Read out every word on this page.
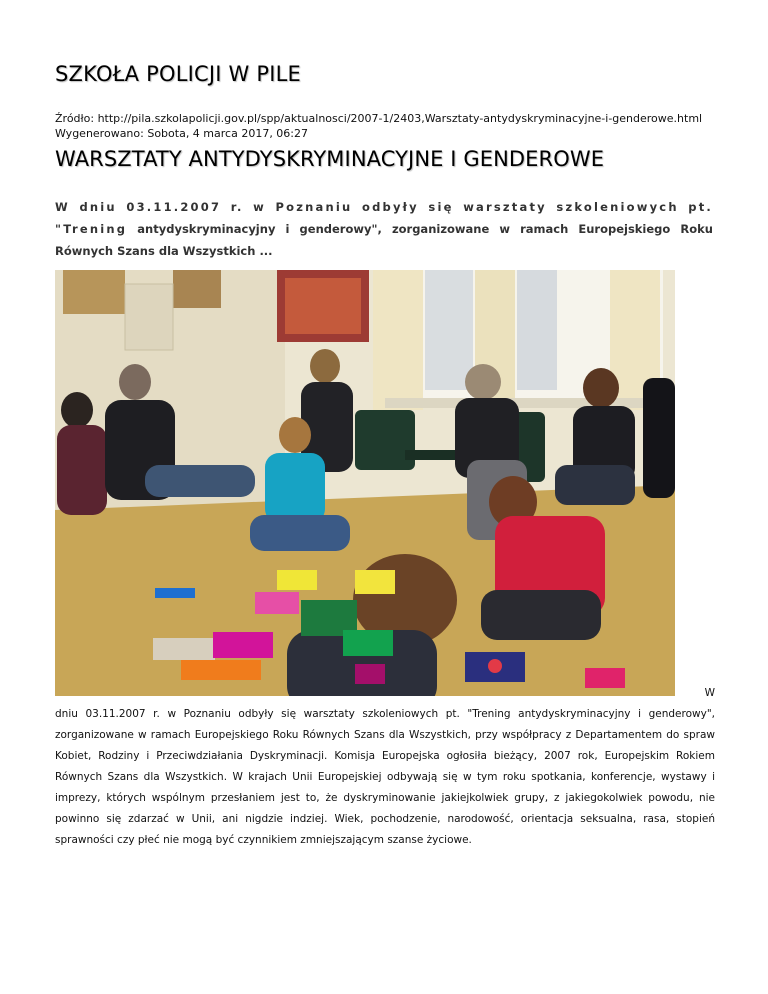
SZKOŁA POLICJI W PILE
Źródło: http://pila.szkolapolicji.gov.pl/spp/aktualnosci/2007-1/2403,Warsztaty-antydyskryminacyjne-i-genderowe.html
Wygenerowano: Sobota, 4 marca 2017, 06:27
WARSZTATY ANTYDYSKRYMINACYJNE I GENDEROWE

W dniu 03.11.2007 r. w Poznaniu odbyły się warsztaty szkoleniowych pt. "Trening antydyskryminacyjny i genderowy", zorganizowane w ramach Europejskiego Roku Równych Szans dla Wszystkich ...

W
dniu 03.11.2007 r. w Poznaniu odbyły się warsztaty szkoleniowych pt. "Trening antydyskryminacyjny i genderowy", zorganizowane w ramach Europejskiego Roku Równych Szans dla Wszystkich, przy współpracy z Departamentem do spraw Kobiet, Rodziny i Przeciwdziałania Dyskryminacji. Komisja Europejska ogłosiła bieżący, 2007 rok, Europejskim Rokiem Równych Szans dla Wszystkich. W krajach Unii Europejskiej odbywają się w tym roku spotkania, konferencje, wystawy i imprezy, których wspólnym przesłaniem jest to, że dyskryminowanie jakiejkolwiek grupy, z jakiegokolwiek powodu, nie powinno się zdarzać w Unii, ani nigdzie indziej. Wiek, pochodzenie, narodowość, orientacja seksualna, rasa, stopień sprawności czy płeć nie mogą być czynnikiem zmniejszającym szanse życiowe.
